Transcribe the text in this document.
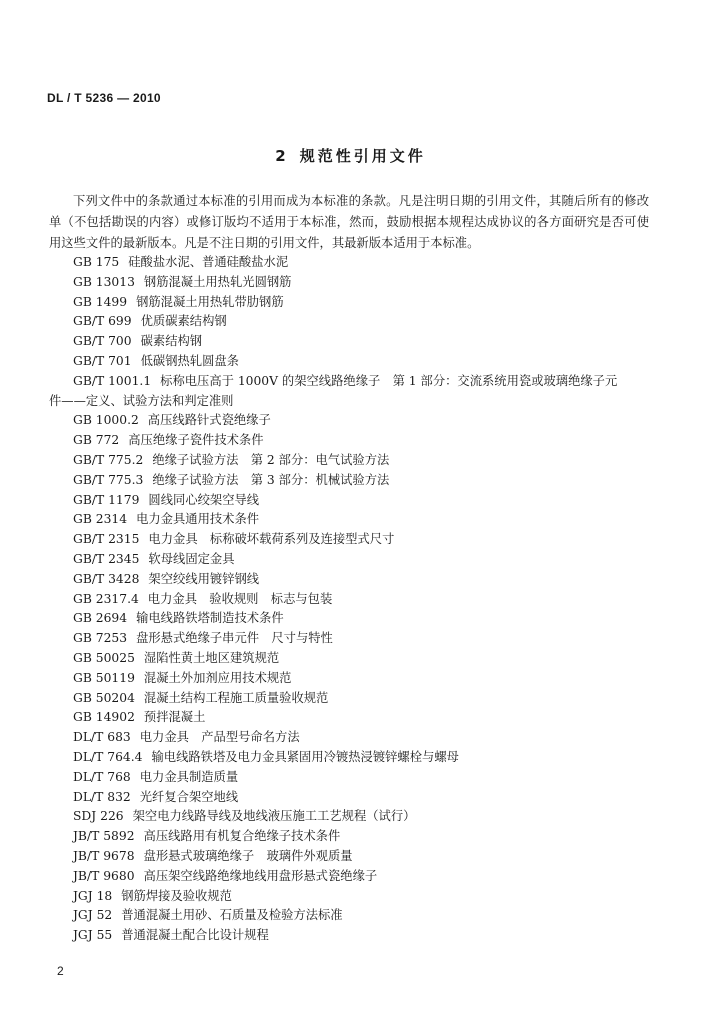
DL / T 5236 — 2010
2 规范性引用文件
下列文件中的条款通过本标准的引用而成为本标准的条款。凡是注明日期的引用文件，其随后所有的修改单（不包括勘误的内容）或修订版均不适用于本标准，然而，鼓励根据本规程达成协议的各方面研究是否可使用这些文件的最新版本。凡是不注日期的引用文件，其最新版本适用于本标准。
GB 175 硅酸盐水泥、普通硅酸盐水泥
GB 13013 钢筋混凝土用热轧光圆钢筋
GB 1499 钢筋混凝土用热轧带肋钢筋
GB/T 699 优质碳素结构钢
GB/T 700 碳素结构钢
GB/T 701 低碳钢热轧圆盘条
GB/T 1001.1 标称电压高于 1000V 的架空线路绝缘子　第 1 部分：交流系统用瓷或玻璃绝缘子元
件——定义、试验方法和判定准则
GB 1000.2 高压线路针式瓷绝缘子
GB 772 高压绝缘子瓷件技术条件
GB/T 775.2 绝缘子试验方法　第 2 部分：电气试验方法
GB/T 775.3 绝缘子试验方法　第 3 部分：机械试验方法
GB/T 1179 圆线同心绞架空导线
GB 2314 电力金具通用技术条件
GB/T 2315 电力金具　标称破坏载荷系列及连接型式尺寸
GB/T 2345 软母线固定金具
GB/T 3428 架空绞线用镀锌钢线
GB 2317.4 电力金具　验收规则　标志与包装
GB 2694 输电线路铁塔制造技术条件
GB 7253 盘形悬式绝缘子串元件　尺寸与特性
GB 50025 湿陷性黄土地区建筑规范
GB 50119 混凝土外加剂应用技术规范
GB 50204 混凝土结构工程施工质量验收规范
GB 14902 预拌混凝土
DL/T 683 电力金具　产品型号命名方法
DL/T 764.4 输电线路铁塔及电力金具紧固用冷镀热浸镀锌螺栓与螺母
DL/T 768 电力金具制造质量
DL/T 832 光纤复合架空地线
SDJ 226 架空电力线路导线及地线液压施工工艺规程（试行）
JB/T 5892 高压线路用有机复合绝缘子技术条件
JB/T 9678 盘形悬式玻璃绝缘子　玻璃件外观质量
JB/T 9680 高压架空线路绝缘地线用盘形悬式瓷绝缘子
JGJ 18 钢筋焊接及验收规范
JGJ 52 普通混凝土用砂、石质量及检验方法标准
JGJ 55 普通混凝土配合比设计规程
2
